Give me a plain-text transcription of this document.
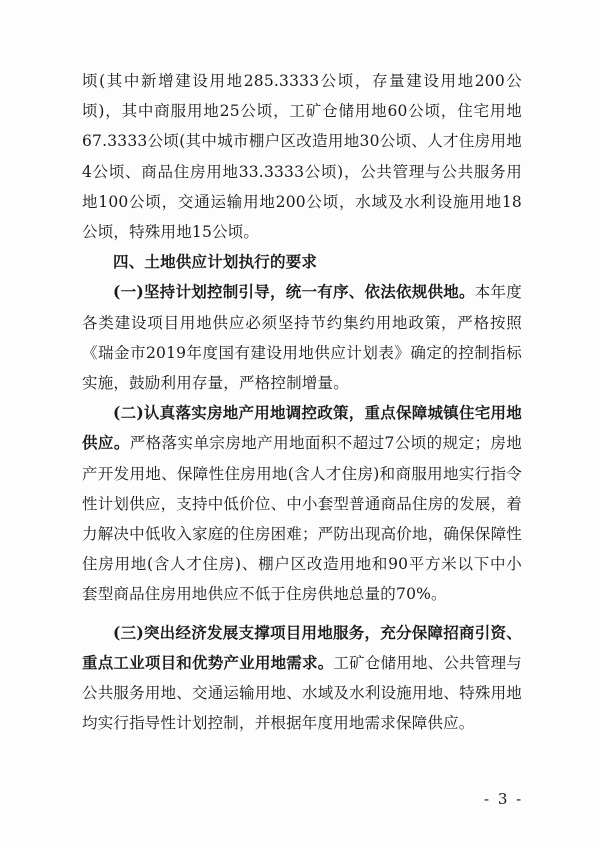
顷(其中新增建设用地285.3333公顷，存量建设用地200公顷)，其中商服用地25公顷，工矿仓储用地60公顷，住宅用地67.3333公顷(其中城市棚户区改造用地30公顷、人才住房用地4公顷、商品住房用地33.3333公顷)，公共管理与公共服务用地100公顷，交通运输用地200公顷，水域及水利设施用地18公顷，特殊用地15公顷。

四、土地供应计划执行的要求

(一)坚持计划控制引导，统一有序、依法依规供地。本年度各类建设项目用地供应必须坚持节约集约用地政策，严格按照《瑞金市2019年度国有建设用地供应计划表》确定的控制指标实施，鼓励利用存量，严格控制增量。

(二)认真落实房地产用地调控政策，重点保障城镇住宅用地供应。严格落实单宗房地产用地面积不超过7公顷的规定；房地产开发用地、保障性住房用地(含人才住房)和商服用地实行指令性计划供应，支持中低价位、中小套型普通商品住房的发展，着力解决中低收入家庭的住房困难；严防出现高价地，确保保障性住房用地(含人才住房)、棚户区改造用地和90平方米以下中小套型商品住房用地供应不低于住房供地总量的70%。

(三)突出经济发展支撑项目用地服务，充分保障招商引资、重点工业项目和优势产业用地需求。工矿仓储用地、公共管理与公共服务用地、交通运输用地、水域及水利设施用地、特殊用地均实行指导性计划控制，并根据年度用地需求保障供应。

- 3 -
